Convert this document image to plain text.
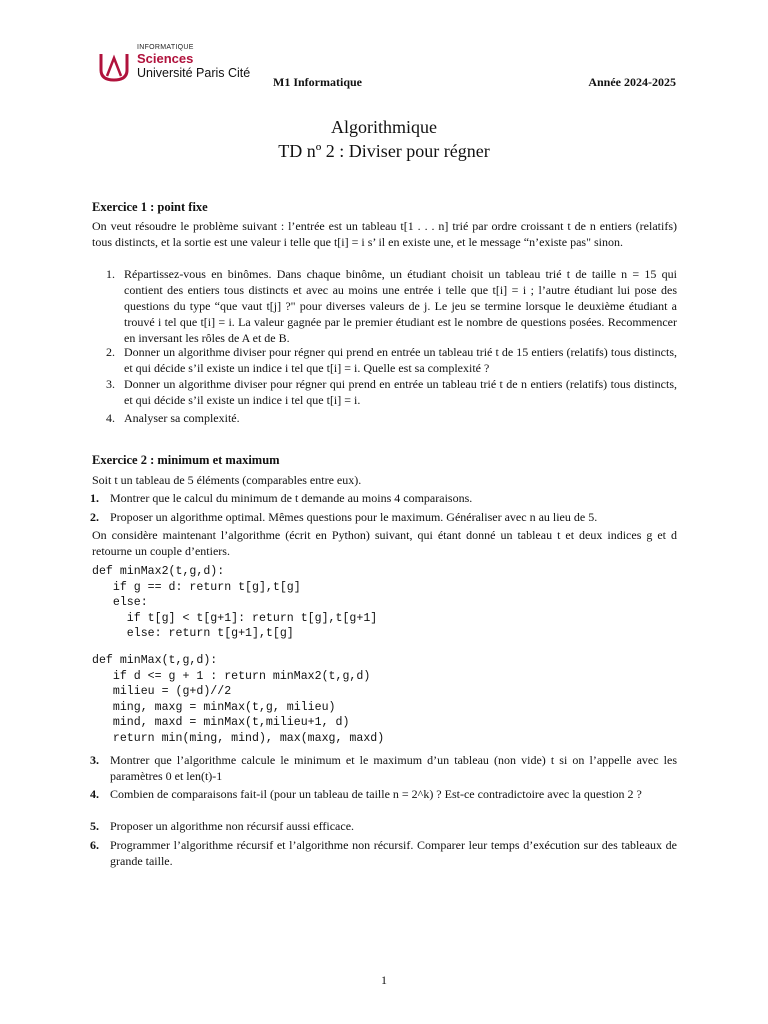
INFORMATIQUE
Sciences
Université Paris Cité
M1 Informatique	Année 2024-2025
Algorithmique
TD nº 2 : Diviser pour régner
Exercice 1 : point fixe
On veut résoudre le problème suivant : l’entrée est un tableau t[1 . . . n] trié par ordre croissant t de n entiers (relatifs) tous distincts, et la sortie est une valeur i telle que t[i] = i s’ il en existe une, et le message “n’existe pas" sinon.
1. Répartissez-vous en binômes. Dans chaque binôme, un étudiant choisit un tableau trié t de taille n = 15 qui contient des entiers tous distincts et avec au moins une entrée i telle que t[i] = i ; l’autre étudiant lui pose des questions du type “que vaut t[j] ?" pour diverses valeurs de j. Le jeu se termine lorsque le deuxième étudiant a trouvé i tel que t[i] = i. La valeur gagnée par le premier étudiant est le nombre de questions posées. Recommencer en inversant les rôles de A et de B.
2. Donner un algorithme diviser pour régner qui prend en entrée un tableau trié t de 15 entiers (relatifs) tous distincts, et qui décide s’il existe un indice i tel que t[i] = i. Quelle est sa complexité ?
3. Donner un algorithme diviser pour régner qui prend en entrée un tableau trié t de n entiers (relatifs) tous distincts, et qui décide s’il existe un indice i tel que t[i] = i.
4. Analyser sa complexité.
Exercice 2 : minimum et maximum
Soit t un tableau de 5 éléments (comparables entre eux).
1. Montrer que le calcul du minimum de t demande au moins 4 comparaisons.
2. Proposer un algorithme optimal. Mêmes questions pour le maximum. Généraliser avec n au lieu de 5.
On considère maintenant l’algorithme (écrit en Python) suivant, qui étant donné un tableau t et deux indices g et d retourne un couple d’entiers.
def minMax2(t,g,d):
if g == d: return t[g],t[g]
else:
if t[g] < t[g+1]: return t[g],t[g+1]
else: return t[g+1],t[g]
def minMax(t,g,d):
if d <= g + 1 : return minMax2(t,g,d)
milieu = (g+d)//2
ming, maxg = minMax(t,g, milieu)
mind, maxd = minMax(t,milieu+1, d)
return min(ming, mind), max(maxg, maxd)
3. Montrer que l’algorithme calcule le minimum et le maximum d’un tableau (non vide) t si on l’appelle avec les paramètres 0 et len(t)-1
4. Combien de comparaisons fait-il (pour un tableau de taille n = 2^k) ? Est-ce contradictoire avec la question 2 ?
5. Proposer un algorithme non récursif aussi efficace.
6. Programmer l’algorithme récursif et l’algorithme non récursif. Comparer leur temps d’exécution sur des tableaux de grande taille.
1
